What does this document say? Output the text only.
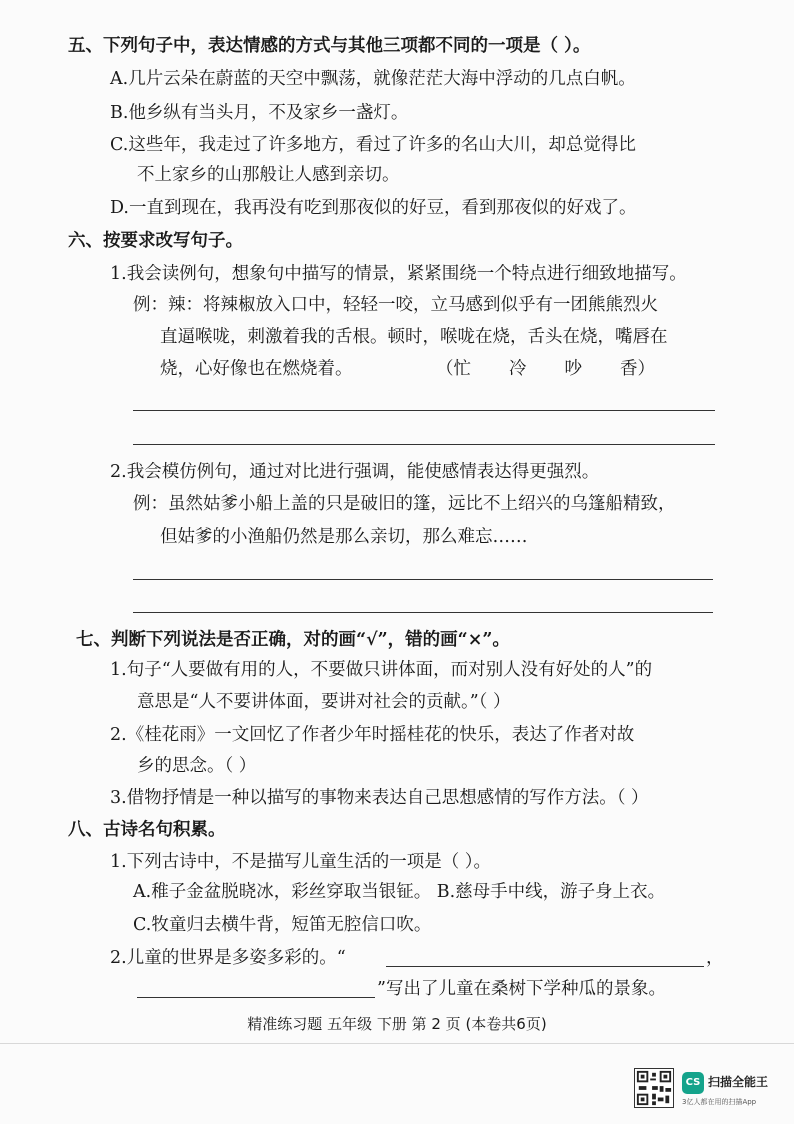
五、下列句子中，表达情感的方式与其他三项都不同的一项是（ ）。
A.几片云朵在蔚蓝的天空中飘荡，就像茫茫大海中浮动的几点白帆。
B.他乡纵有当头月，不及家乡一盏灯。
C.这些年，我走过了许多地方，看过了许多的名山大川，却总觉得比
不上家乡的山那般让人感到亲切。
D.一直到现在，我再没有吃到那夜似的好豆，看到那夜似的好戏了。
六、按要求改写句子。
1.我会读例句，想象句中描写的情景，紧紧围绕一个特点进行细致地描写。
例：辣：将辣椒放入口中，轻轻一咬，立马感到似乎有一团熊熊烈火
直逼喉咙，刺激着我的舌根。顿时，喉咙在烧，舌头在烧，嘴唇在
烧，心好像也在燃烧着。	（忙 冷 吵 香）
2.我会模仿例句，通过对比进行强调，能使感情表达得更强烈。
例：虽然姑爹小船上盖的只是破旧的篷，远比不上绍兴的乌篷船精致，
但姑爹的小渔船仍然是那么亲切，那么难忘……
七、判断下列说法是否正确，对的画“√”，错的画“×”。
1.句子“人要做有用的人，不要做只讲体面，而对别人没有好处的人”的
意思是“人不要讲体面，要讲对社会的贡献。”（ ）
2.《桂花雨》一文回忆了作者少年时摇桂花的快乐，表达了作者对故
乡的思念。（ ）
3.借物抒情是一种以描写的事物来表达自己思想感情的写作方法。（ ）
八、古诗名句积累。
1.下列古诗中，不是描写儿童生活的一项是（ ）。
A.稚子金盆脱晓冰，彩丝穿取当银钲。 B.慈母手中线，游子身上衣。
C.牧童归去横牛背，短笛无腔信口吹。
2.儿童的世界是多姿多彩的。“	，
”写出了儿童在桑树下学种瓜的景象。
精准练习题 五年级 下册 第 2 页 (本卷共6页)
CS 扫描全能王
3亿人都在用的扫描App
